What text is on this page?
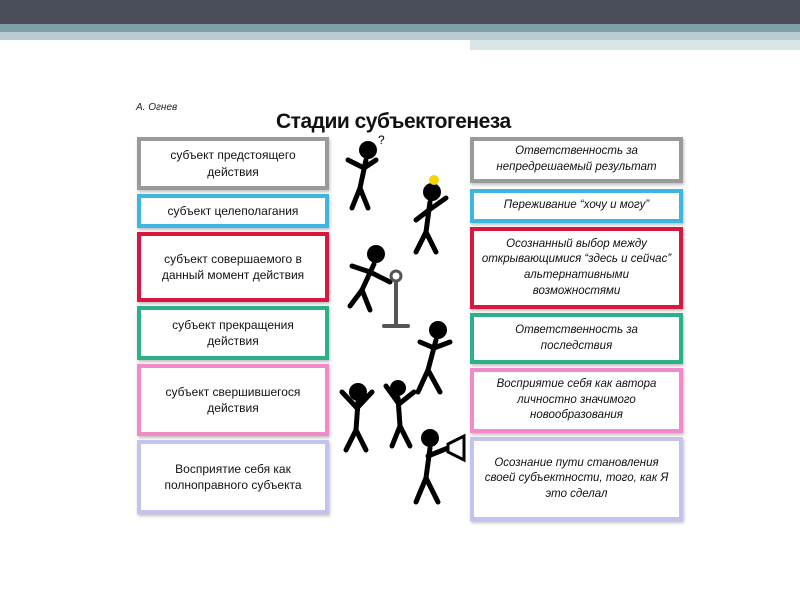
А. Огнев
Стадии субъектогенеза
субъект предстоящего действия
субъект целеполагания
субъект совершаемого в данный момент действия
субъект прекращения действия
субъект свершившегося действия
Восприятие себя как полноправного субъекта
Ответственность за непредрешаемый результат
Переживание “хочу и могу”
Осознанный выбор между открывающимися “здесь и сейчас” альтернативными возможностями
Ответственность за последствия
Восприятие себя как автора личностно значимого новообразования
Осознание пути становления своей субъектности, того, как Я это сделал
?
